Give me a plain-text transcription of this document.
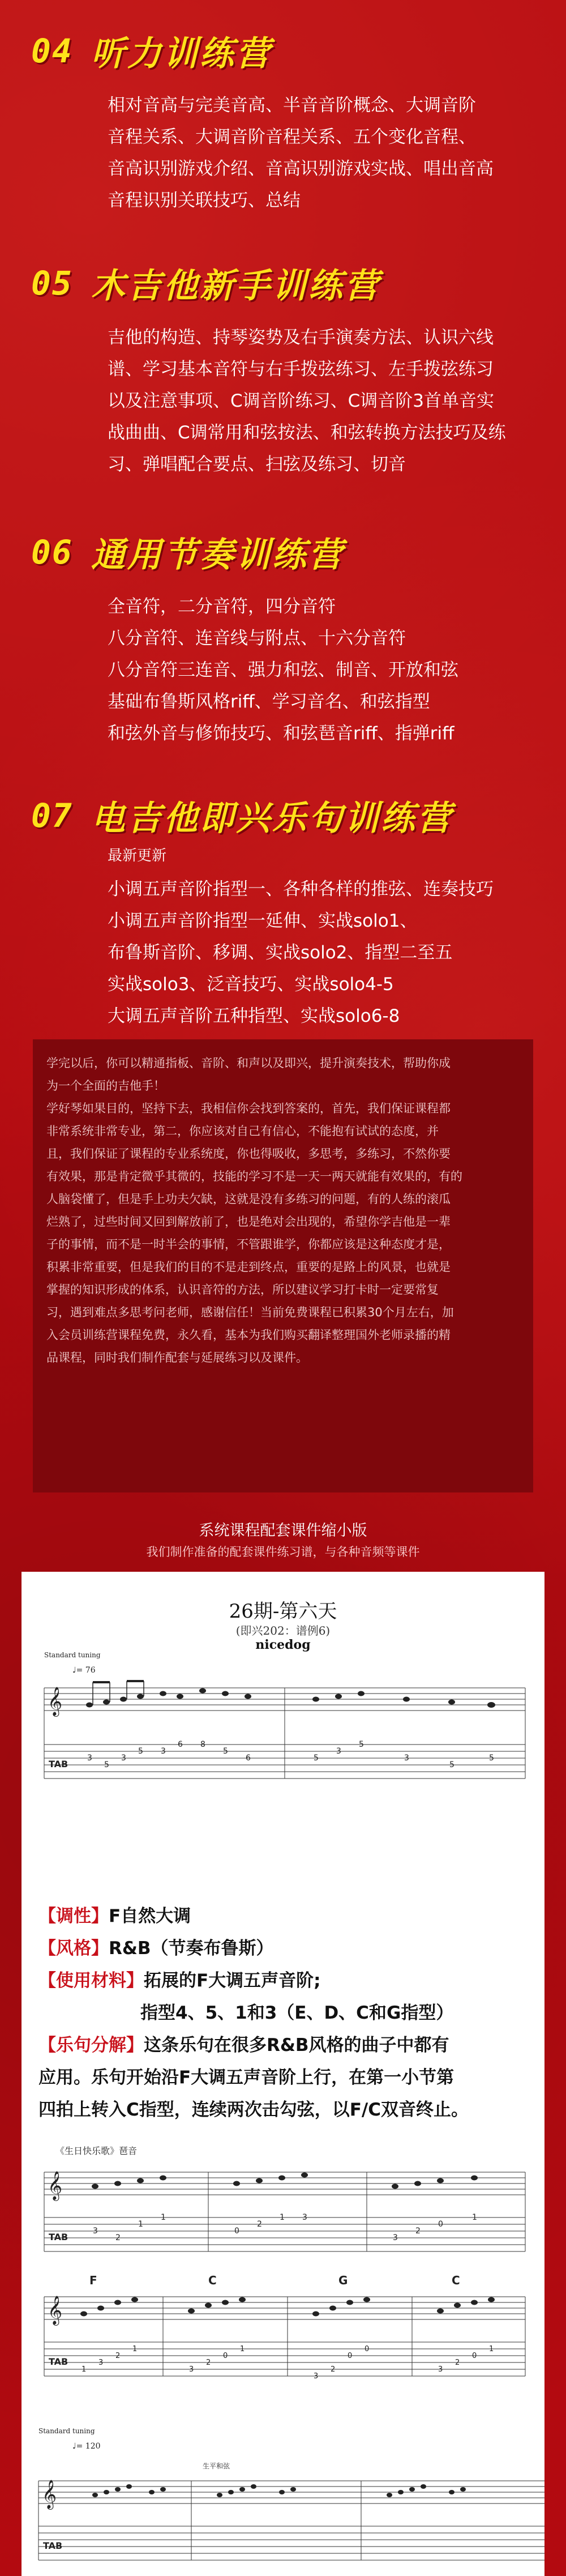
04 听力训练营

相对音高与完美音高、半音音阶概念、大调音阶

音程关系、大调音阶音程关系、五个变化音程、

音高识别游戏介绍、音高识别游戏实战、唱出音高

音程识别关联技巧、总结

05 木吉他新手训练营

吉他的构造、持琴姿势及右手演奏方法、认识六线

谱、学习基本音符与右手拨弦练习、左手拨弦练习

以及注意事项、C调音阶练习、C调音阶3首单音实

战曲曲、C调常用和弦按法、和弦转换方法技巧及练

习、弹唱配合要点、扫弦及练习、切音

06 通用节奏训练营

全音符，二分音符，四分音符

八分音符、连音线与附点、十六分音符

八分音符三连音、强力和弦、制音、开放和弦

基础布鲁斯风格riff、学习音名、和弦指型

和弦外音与修饰技巧、和弦琶音riff、指弹riff

07 电吉他即兴乐句训练营
最新更新

小调五声音阶指型一、各种各样的推弦、连奏技巧

小调五声音阶指型一延伸、实战solo1、

布鲁斯音阶、移调、实战solo2、指型二至五

实战solo3、泛音技巧、实战solo4-5

大调五声音阶五种指型、实战solo6-8

学完以后，你可以精通指板、音阶、和声以及即兴，提升演奏技术，帮助你成

为一个全面的吉他手！

学好琴如果目的，坚持下去，我相信你会找到答案的，首先，我们保证课程都

非常系统非常专业，第二，你应该对自己有信心，不能抱有试试的态度，并

且，我们保证了课程的专业系统度，你也得吸收，多思考，多练习，不然你要

有效果，那是肯定微乎其微的，技能的学习不是一天一两天就能有效果的，有的

人脑袋懂了，但是手上功夫欠缺，这就是没有多练习的问题，有的人练的滚瓜

烂熟了，过些时间又回到解放前了，也是绝对会出现的，希望你学吉他是一辈

子的事情，而不是一时半会的事情，不管跟谁学，你都应该是这种态度才是，

积累非常重要，但是我们的目的不是走到终点，重要的是路上的风景，也就是

掌握的知识形成的体系，认识音符的方法，所以建议学习打卡时一定要常复

习，遇到难点多思考问老师，感谢信任！当前免费课程已积累30个月左右，加

入会员训练营课程免费，永久看，基本为我们购买翻译整理国外老师录播的精

品课程，同时我们制作配套与延展练习以及课件。

系统课程配套课件缩小版
我们制作准备的配套课件练习谱，与各种音频等课件
26期-第六天
(即兴202：谱例6)
nicedog
Standard tuning
♩= 76
𝄞
TAB
3
5
3
5 3
6 8
5
6	5
3
5
3
5
5

【调性】F自然大调

【风格】R&B（节奏布鲁斯）

【使用材料】拓展的F大调五声音阶;

指型4、5、1和3（E、D、C和G指型）

【乐句分解】这条乐句在很多R&B风格的曲子中都有

应用。乐句开始沿F大调五声音阶上行，在第一小节第

四拍上转入C指型，连续两次击勾弦，以F/C双音终止。

《生日快乐歌》琶音
𝄞
TAB
3
2
1
1
0
2
1 3
3
2
0
1
F	C	G	C
𝄞
TAB
1
3
2
1
3
2
0
1
3
2
0
0
3
2
0
1
Standard tuning
♩= 120
生平和弦
𝄞
TAB
